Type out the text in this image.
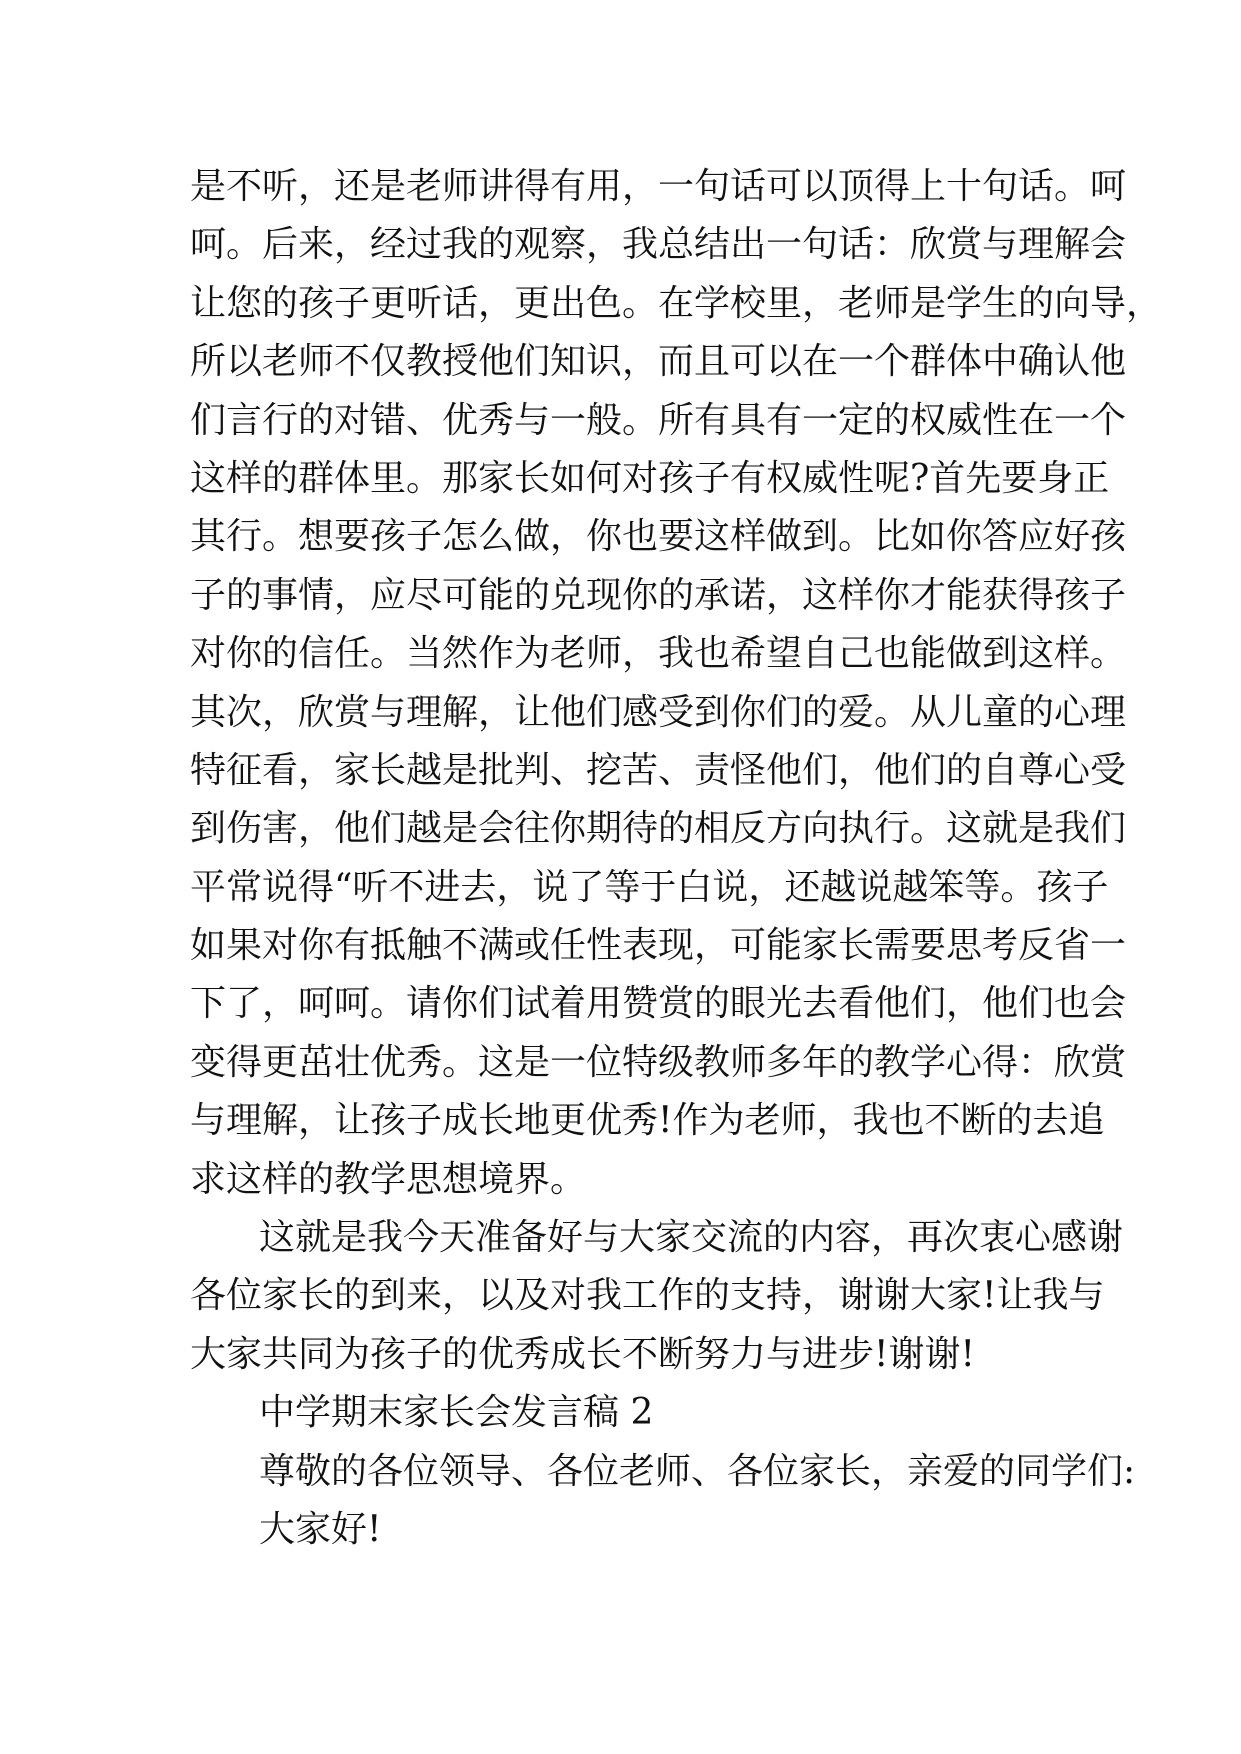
是不听，还是老师讲得有用，一句话可以顶得上十句话。呵
呵。后来，经过我的观察，我总结出一句话：欣赏与理解会
让您的孩子更听话，更出色。在学校里，老师是学生的向导，
所以老师不仅教授他们知识，而且可以在一个群体中确认他
们言行的对错、优秀与一般。所有具有一定的权威性在一个
这样的群体里。那家长如何对孩子有权威性呢?首先要身正
其行。想要孩子怎么做，你也要这样做到。比如你答应好孩
子的事情，应尽可能的兑现你的承诺，这样你才能获得孩子
对你的信任。当然作为老师，我也希望自己也能做到这样。
其次，欣赏与理解，让他们感受到你们的爱。从儿童的心理
特征看，家长越是批判、挖苦、责怪他们，他们的自尊心受
到伤害，他们越是会往你期待的相反方向执行。这就是我们
平常说得“听不进去，说了等于白说，还越说越笨等。孩子
如果对你有抵触不满或任性表现，可能家长需要思考反省一
下了，呵呵。请你们试着用赞赏的眼光去看他们，他们也会
变得更茁壮优秀。这是一位特级教师多年的教学心得：欣赏
与理解，让孩子成长地更优秀!作为老师，我也不断的去追
求这样的教学思想境界。
这就是我今天准备好与大家交流的内容，再次衷心感谢
各位家长的到来，以及对我工作的支持，谢谢大家!让我与
大家共同为孩子的优秀成长不断努力与进步!谢谢!
中学期末家长会发言稿 2
尊敬的各位领导、各位老师、各位家长，亲爱的同学们:
大家好!
